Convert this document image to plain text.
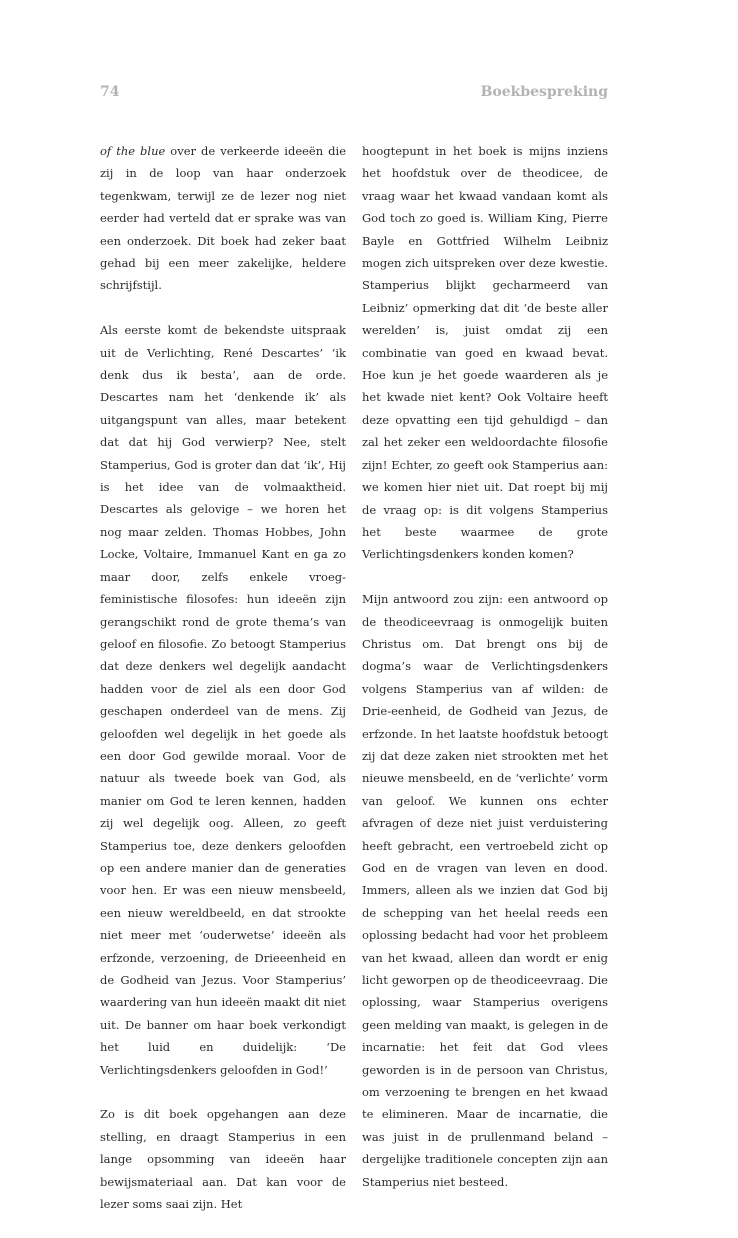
74	Boekbespreking

of the blue over de verkeerde ideeën die zij in de loop van haar onderzoek tegenkwam, terwijl ze de lezer nog niet eerder had verteld dat er sprake was van een onderzoek. Dit boek had zeker baat gehad bij een meer zakelijke, heldere schrijfstijl.

Als eerste komt de bekendste uitspraak uit de Verlichting, René Descartes’ ‘ik denk dus ik besta’, aan de orde. Descartes nam het ‘denkende ik’ als uitgangspunt van alles, maar betekent dat dat hij God verwierp? Nee, stelt Stamperius, God is groter dan dat ‘ik’, Hij is het idee van de volmaaktheid. Descartes als gelovige – we horen het nog maar zelden. Thomas Hobbes, John Locke, Voltaire, Immanuel Kant en ga zo maar door, zelfs enkele vroeg-feministische filosofes: hun ideeën zijn gerangschikt rond de grote thema’s van geloof en filosofie. Zo betoogt Stamperius dat deze denkers wel degelijk aandacht hadden voor de ziel als een door God geschapen onderdeel van de mens. Zij geloofden wel degelijk in het goede als een door God gewilde moraal. Voor de natuur als tweede boek van God, als manier om God te leren kennen, hadden zij wel degelijk oog. Alleen, zo geeft Stamperius toe, deze denkers geloofden op een andere manier dan de generaties voor hen. Er was een nieuw mensbeeld, een nieuw wereldbeeld, en dat strookte niet meer met ‘ouderwetse’ ideeën als erfzonde, verzoening, de Drieeenheid en de Godheid van Jezus. Voor Stamperius’ waardering van hun ideeën maakt dit niet uit. De banner om haar boek verkondigt het luid en duidelijk: ‘De Verlichtingsdenkers geloofden in God!’

Zo is dit boek opgehangen aan deze stelling, en draagt Stamperius in een lange opsomming van ideeën haar bewijsmateriaal aan. Dat kan voor de lezer soms saai zijn. Het

hoogtepunt in het boek is mijns inziens het hoofdstuk over de theodicee, de vraag waar het kwaad vandaan komt als God toch zo goed is. William King, Pierre Bayle en Gottfried Wilhelm Leibniz mogen zich uitspreken over deze kwestie. Stamperius blijkt gecharmeerd van Leibniz’ opmerking dat dit ‘de beste aller werelden’ is, juist omdat zij een combinatie van goed en kwaad bevat. Hoe kun je het goede waarderen als je het kwade niet kent? Ook Voltaire heeft deze opvatting een tijd gehuldigd – dan zal het zeker een weldoordachte filosofie zijn! Echter, zo geeft ook Stamperius aan: we komen hier niet uit. Dat roept bij mij de vraag op: is dit volgens Stamperius het beste waarmee de grote Verlichtingsdenkers konden komen?

Mijn antwoord zou zijn: een antwoord op de theodiceevraag is onmogelijk buiten Christus om. Dat brengt ons bij de dogma’s waar de Verlichtingsdenkers volgens Stamperius van af wilden: de Drie-eenheid, de Godheid van Jezus, de erfzonde. In het laatste hoofdstuk betoogt zij dat deze zaken niet strookten met het nieuwe mensbeeld, en de ‘verlichte’ vorm van geloof. We kunnen ons echter afvragen of deze niet juist verduistering heeft gebracht, een vertroebeld zicht op God en de vragen van leven en dood. Immers, alleen als we inzien dat God bij de schepping van het heelal reeds een oplossing bedacht had voor het probleem van het kwaad, alleen dan wordt er enig licht geworpen op de theodiceevraag. Die oplossing, waar Stamperius overigens geen melding van maakt, is gelegen in de incarnatie: het feit dat God vlees geworden is in de persoon van Christus, om verzoening te brengen en het kwaad te elimineren. Maar de incarnatie, die was juist in de prullenmand beland – dergelijke traditionele concepten zijn aan Stamperius niet besteed.
